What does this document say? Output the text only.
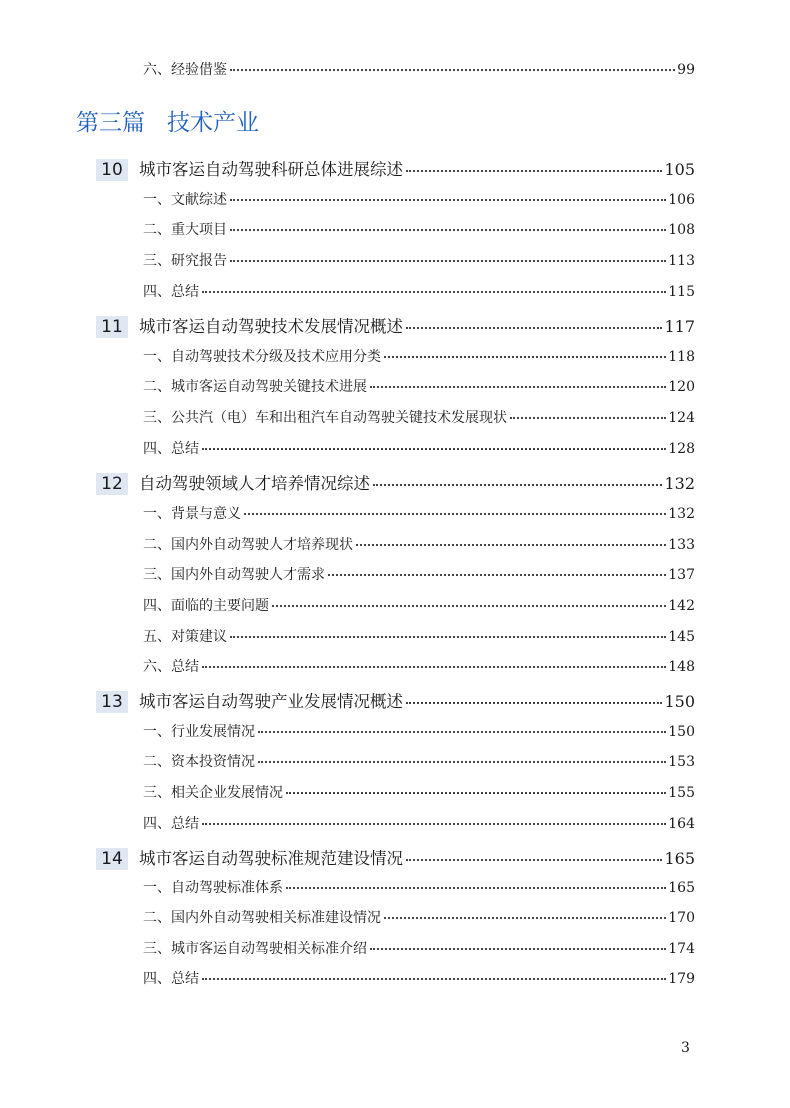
六、经验借鉴	99
第三篇 技术产业
10 城市客运自动驾驶科研总体进展综述	105
一、文献综述	106
二、重大项目	108
三、研究报告	113
四、总结	115
11 城市客运自动驾驶技术发展情况概述	117
一、自动驾驶技术分级及技术应用分类	118
二、城市客运自动驾驶关键技术进展	120
三、公共汽（电）车和出租汽车自动驾驶关键技术发展现状	124
四、总结	128
12 自动驾驶领域人才培养情况综述	132
一、背景与意义	132
二、国内外自动驾驶人才培养现状	133
三、国内外自动驾驶人才需求	137
四、面临的主要问题	142
五、对策建议	145
六、总结	148
13 城市客运自动驾驶产业发展情况概述	150
一、行业发展情况	150
二、资本投资情况	153
三、相关企业发展情况	155
四、总结	164
14 城市客运自动驾驶标准规范建设情况	165
一、自动驾驶标准体系	165
二、国内外自动驾驶相关标准建设情况	170
三、城市客运自动驾驶相关标准介绍	174
四、总结	179
3
